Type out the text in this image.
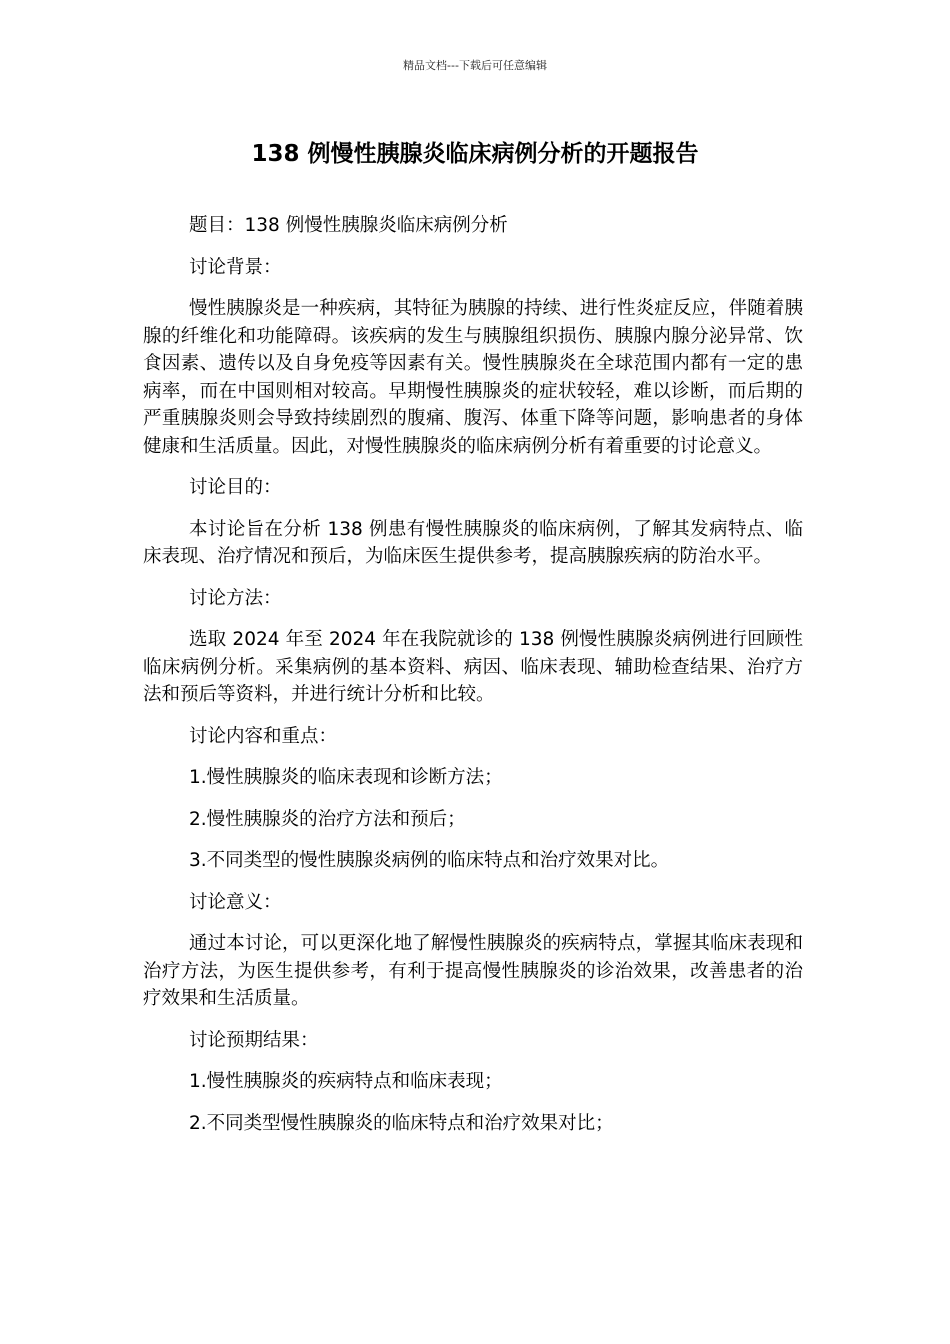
精品文档---下载后可任意编辑
138 例慢性胰腺炎临床病例分析的开题报告

题目：138 例慢性胰腺炎临床病例分析

讨论背景：

慢性胰腺炎是一种疾病，其特征为胰腺的持续、进行性炎症反应，伴随着胰腺的纤维化和功能障碍。该疾病的发生与胰腺组织损伤、胰腺内腺分泌异常、饮食因素、遗传以及自身免疫等因素有关。慢性胰腺炎在全球范围内都有一定的患病率，而在中国则相对较高。早期慢性胰腺炎的症状较轻，难以诊断，而后期的严重胰腺炎则会导致持续剧烈的腹痛、腹泻、体重下降等问题，影响患者的身体健康和生活质量。因此，对慢性胰腺炎的临床病例分析有着重要的讨论意义。

讨论目的：

本讨论旨在分析 138 例患有慢性胰腺炎的临床病例，了解其发病特点、临床表现、治疗情况和预后，为临床医生提供参考，提高胰腺疾病的防治水平。

讨论方法：

选取 2024 年至 2024 年在我院就诊的 138 例慢性胰腺炎病例进行回顾性临床病例分析。采集病例的基本资料、病因、临床表现、辅助检查结果、治疗方法和预后等资料，并进行统计分析和比较。

讨论内容和重点：

1.慢性胰腺炎的临床表现和诊断方法；

2.慢性胰腺炎的治疗方法和预后；

3.不同类型的慢性胰腺炎病例的临床特点和治疗效果对比。

讨论意义：

通过本讨论，可以更深化地了解慢性胰腺炎的疾病特点，掌握其临床表现和治疗方法，为医生提供参考，有利于提高慢性胰腺炎的诊治效果，改善患者的治疗效果和生活质量。

讨论预期结果：

1.慢性胰腺炎的疾病特点和临床表现；

2.不同类型慢性胰腺炎的临床特点和治疗效果对比；
